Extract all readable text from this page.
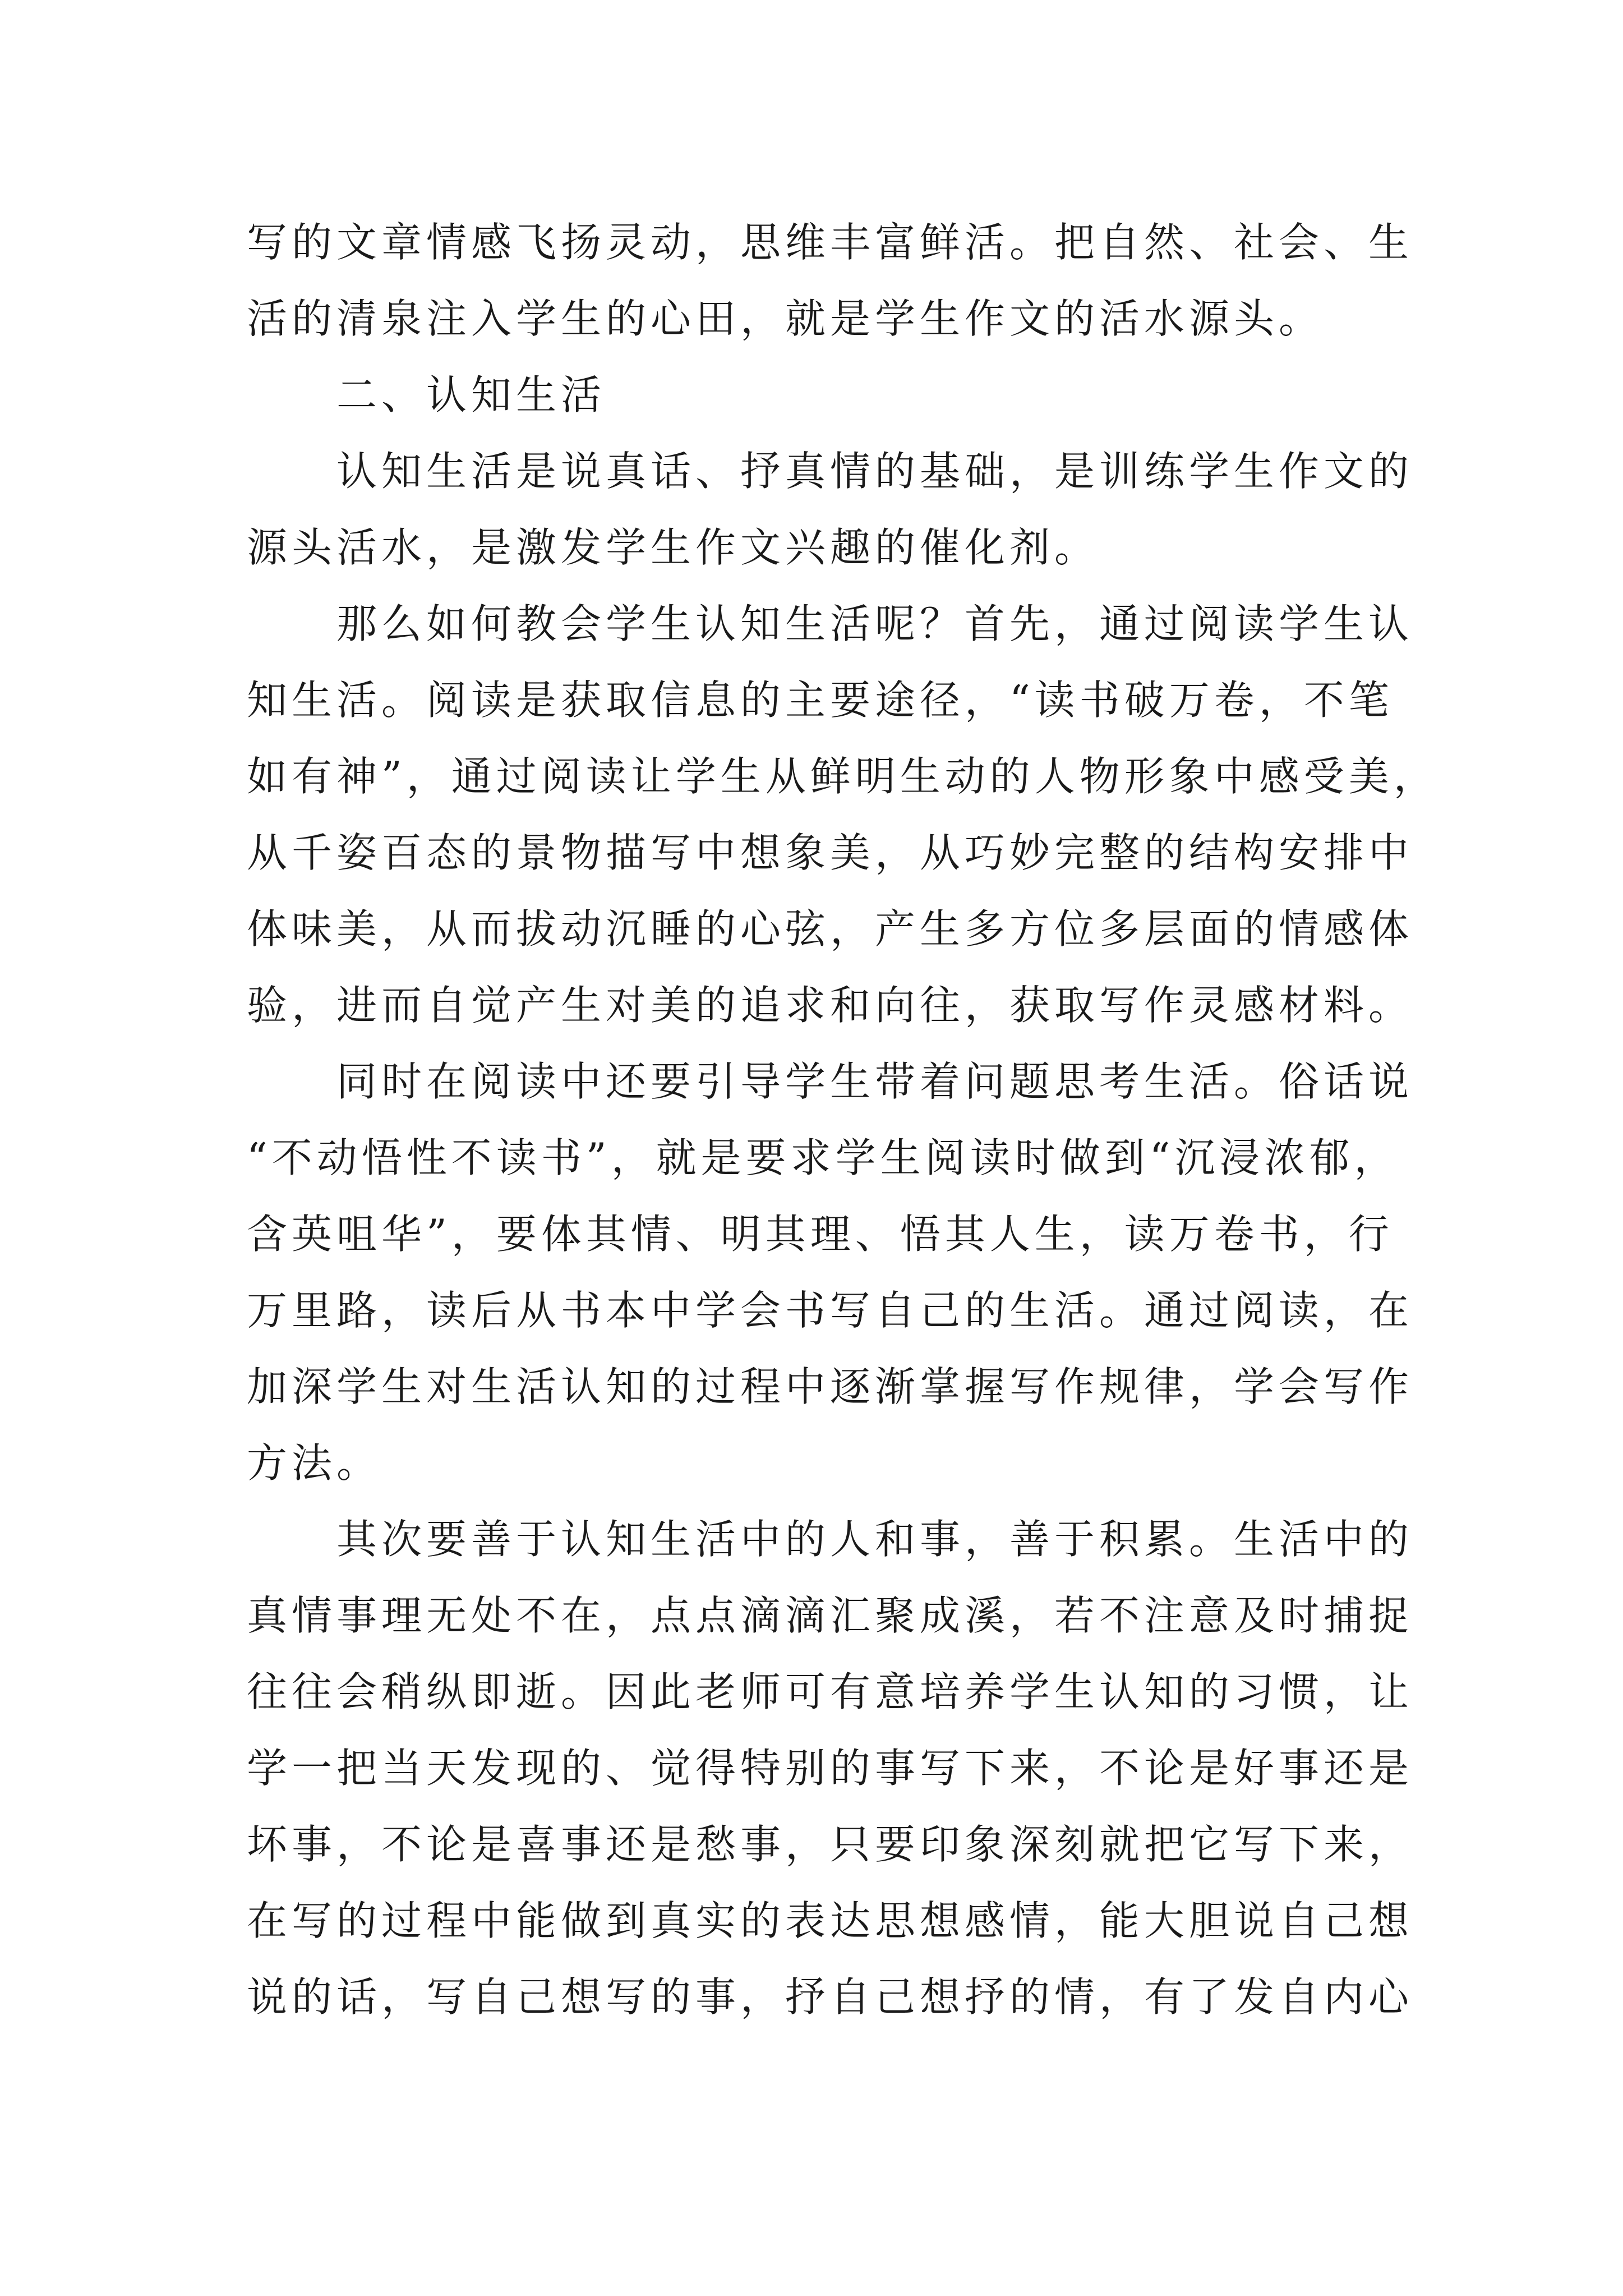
写的文章情感飞扬灵动，思维丰富鲜活。把自然、社会、生

活的清泉注入学生的心田，就是学生作文的活水源头。

二、认知生活

认知生活是说真话、抒真情的基础，是训练学生作文的

源头活水，是激发学生作文兴趣的催化剂。

那么如何教会学生认知生活呢？首先，通过阅读学生认

知生活。阅读是获取信息的主要途径，“读书破万卷，不笔

如有神”，通过阅读让学生从鲜明生动的人物形象中感受美，

从千姿百态的景物描写中想象美，从巧妙完整的结构安排中

体味美，从而拔动沉睡的心弦，产生多方位多层面的情感体

验，进而自觉产生对美的追求和向往，获取写作灵感材料。

同时在阅读中还要引导学生带着问题思考生活。俗话说

“不动悟性不读书”，就是要求学生阅读时做到“沉浸浓郁，

含英咀华”，要体其情、明其理、悟其人生，读万卷书，行

万里路，读后从书本中学会书写自己的生活。通过阅读，在

加深学生对生活认知的过程中逐渐掌握写作规律，学会写作

方法。

其次要善于认知生活中的人和事，善于积累。生活中的

真情事理无处不在，点点滴滴汇聚成溪，若不注意及时捕捉

往往会稍纵即逝。因此老师可有意培养学生认知的习惯，让

学一把当天发现的、觉得特别的事写下来，不论是好事还是

坏事，不论是喜事还是愁事，只要印象深刻就把它写下来，

在写的过程中能做到真实的表达思想感情，能大胆说自己想

说的话，写自己想写的事，抒自己想抒的情，有了发自内心
